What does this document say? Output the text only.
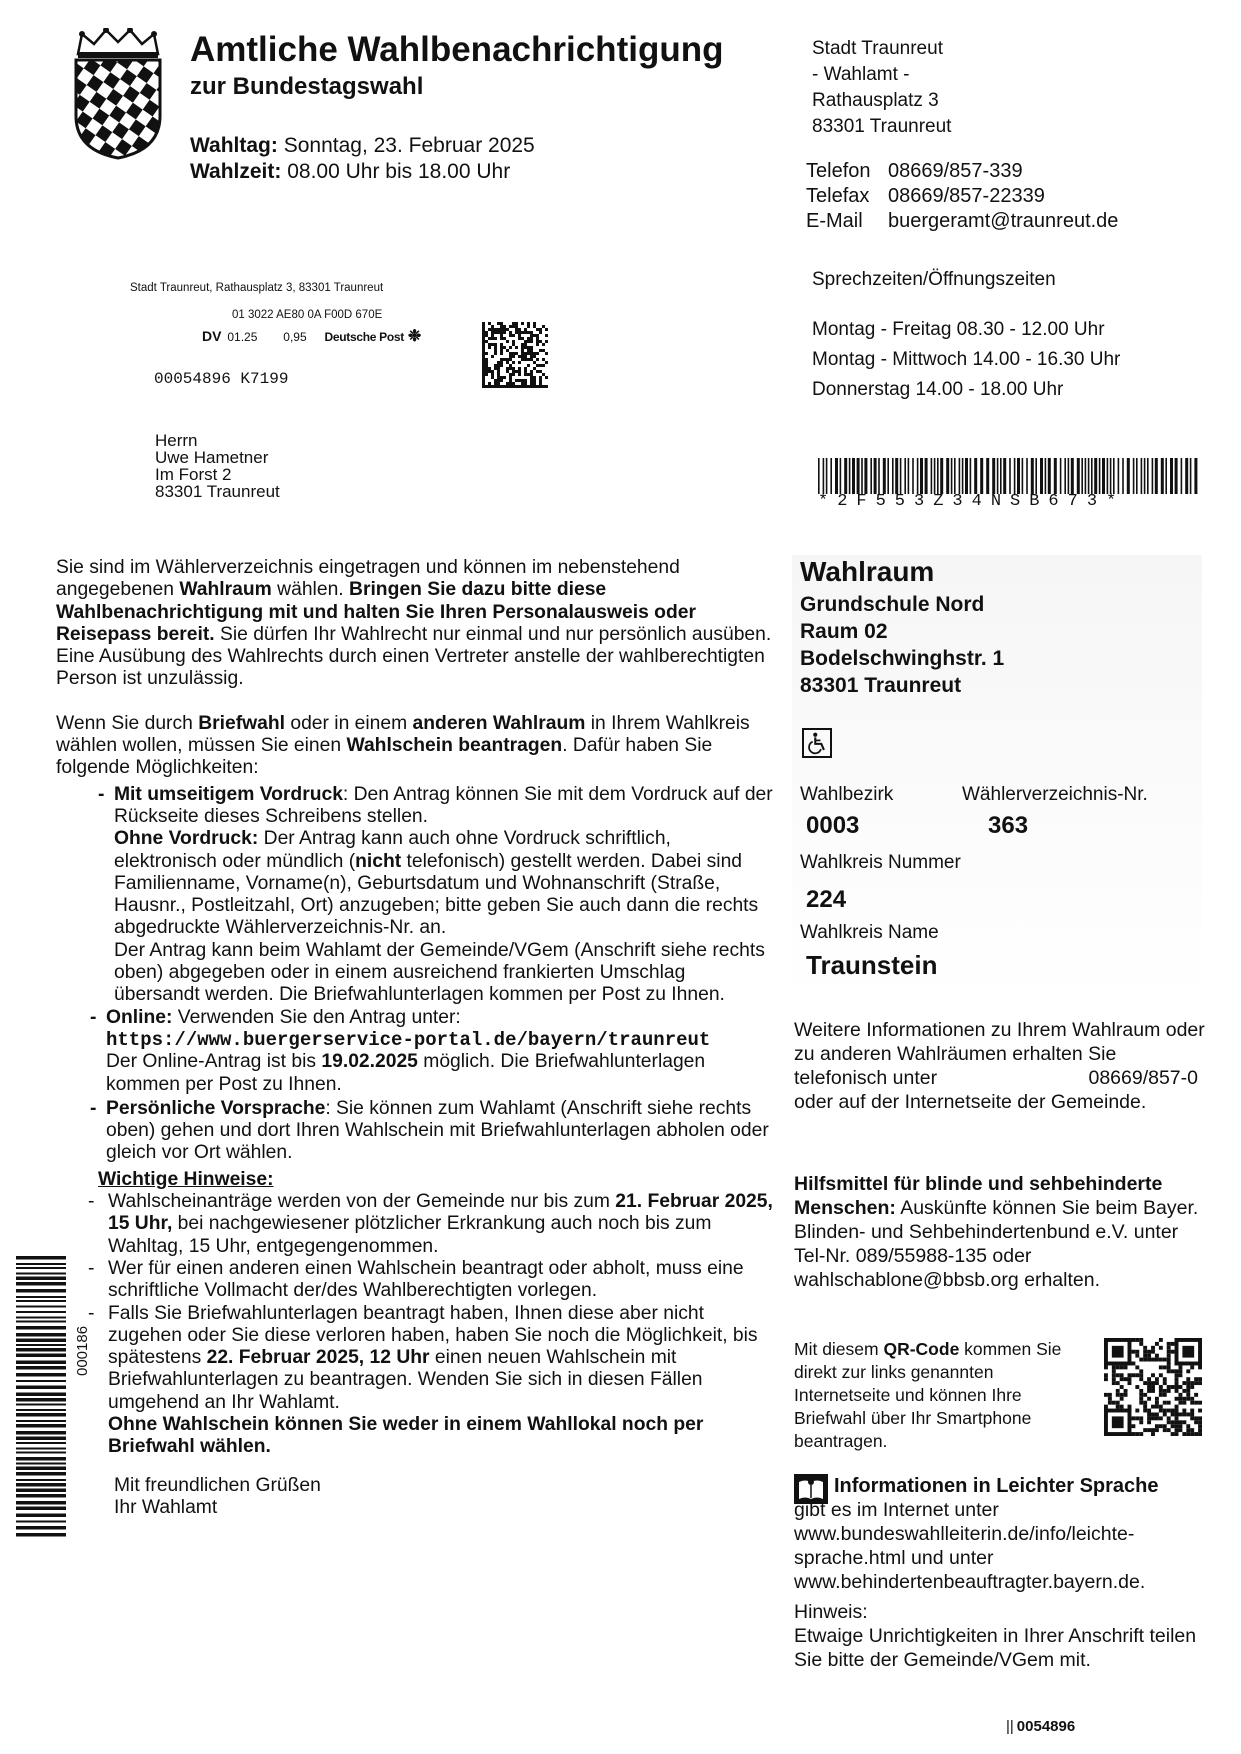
Amtliche Wahlbenachrichtigung
zur Bundestagswahl
Wahltag: Sonntag, 23. Februar 2025
Wahlzeit: 08.00 Uhr bis 18.00 Uhr
Stadt Traunreut
- Wahlamt -
Rathausplatz 3
83301 Traunreut
Telefon 08669/857-339
Telefax 08669/857-22339
E-Mail buergeramt@traunreut.de
Sprechzeiten/Öffnungszeiten
Montag - Freitag 08.30 - 12.00 Uhr
Montag - Mittwoch 14.00 - 16.30 Uhr
Donnerstag 14.00 - 18.00 Uhr
Stadt Traunreut, Rathausplatz 3, 83301 Traunreut
01 3022 AE80 0A F00D 670E
DV 01.25 0,95 Deutsche Post ❉
00054896 K7199
Herrn
Uwe Hametner
Im Forst 2
83301 Traunreut
*2F553Z34NSB673*

Sie sind im Wählerverzeichnis eingetragen und können im nebenstehend angegebenen Wahlraum wählen. Bringen Sie dazu bitte diese Wahlbenachrichtigung mit und halten Sie Ihren Personalausweis oder Reisepass bereit. Sie dürfen Ihr Wahlrecht nur einmal und nur persönlich ausüben. Eine Ausübung des Wahlrechts durch einen Vertreter anstelle der wahlberechtigten Person ist unzulässig.

Wenn Sie durch Briefwahl oder in einem anderen Wahlraum in Ihrem Wahlkreis wählen wollen, müssen Sie einen Wahlschein beantragen. Dafür haben Sie folgende Möglichkeiten:

- Mit umseitigem Vordruck: Den Antrag können Sie mit dem Vordruck auf der Rückseite dieses Schreibens stellen.
Ohne Vordruck: Der Antrag kann auch ohne Vordruck schriftlich, elektronisch oder mündlich (nicht telefonisch) gestellt werden. Dabei sind Familienname, Vorname(n), Geburtsdatum und Wohnanschrift (Straße, Hausnr., Postleitzahl, Ort) anzugeben; bitte geben Sie auch dann die rechts abgedruckte Wählerverzeichnis-Nr. an.
Der Antrag kann beim Wahlamt der Gemeinde/VGem (Anschrift siehe rechts oben) abgegeben oder in einem ausreichend frankierten Umschlag übersandt werden. Die Briefwahlunterlagen kommen per Post zu Ihnen.
- Online: Verwenden Sie den Antrag unter:
https://www.buergerservice-portal.de/bayern/traunreut
Der Online-Antrag ist bis 19.02.2025 möglich. Die Briefwahlunterlagen kommen per Post zu Ihnen.
- Persönliche Vorsprache: Sie können zum Wahlamt (Anschrift siehe rechts oben) gehen und dort Ihren Wahlschein mit Briefwahlunterlagen abholen oder gleich vor Ort wählen.
Wichtige Hinweise:
- Wahlscheinanträge werden von der Gemeinde nur bis zum 21. Februar 2025, 15 Uhr, bei nachgewiesener plötzlicher Erkrankung auch noch bis zum Wahltag, 15 Uhr, entgegengenommen.
- Wer für einen anderen einen Wahlschein beantragt oder abholt, muss eine schriftliche Vollmacht der/des Wahlberechtigten vorlegen.
- Falls Sie Briefwahlunterlagen beantragt haben, Ihnen diese aber nicht zugehen oder Sie diese verloren haben, haben Sie noch die Möglichkeit, bis spätestens 22. Februar 2025, 12 Uhr einen neuen Wahlschein mit Briefwahlunterlagen zu beantragen. Wenden Sie sich in diesen Fällen umgehend an Ihr Wahlamt.
Ohne Wahlschein können Sie weder in einem Wahllokal noch per Briefwahl wählen.
Mit freundlichen Grüßen
Ihr Wahlamt
Wahlraum
Grundschule Nord
Raum 02
Bodelschwinghstr. 1
83301 Traunreut
Wahlbezirk	Wählerverzeichnis-Nr.
0003	363
Wahlkreis Nummer
224
Wahlkreis Name
Traunstein
Weitere Informationen zu Ihrem Wahlraum oder zu anderen Wahlräumen erhalten Sie telefonisch unter	08669/857-0
oder auf der Internetseite der Gemeinde.
Hilfsmittel für blinde und sehbehinderte Menschen: Auskünfte können Sie beim Bayer. Blinden- und Sehbehindertenbund e.V. unter Tel-Nr. 089/55988-135 oder wahlschablone@bbsb.org erhalten.
Mit diesem QR-Code kommen Sie direkt zur links genannten Internetseite und können Ihre Briefwahl über Ihr Smartphone beantragen.
Informationen in Leichter Sprache
gibt es im Internet unter www.bundeswahlleiterin.de/info/leichte-sprache.html und unter www.behindertenbeauftragter.bayern.de.
Hinweis:
Etwaige Unrichtigkeiten in Ihrer Anschrift teilen Sie bitte der Gemeinde/VGem mit.
|| 0054896
000186
